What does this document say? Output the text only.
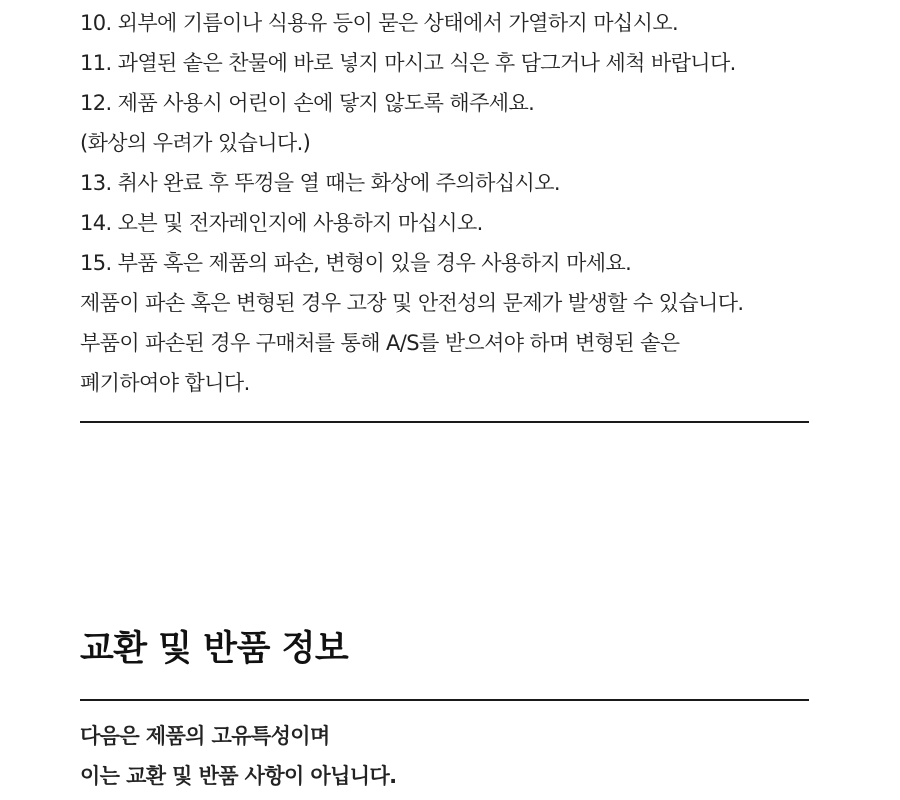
10. 외부에 기름이나 식용유 등이 묻은 상태에서 가열하지 마십시오.
11. 과열된 솥은 찬물에 바로 넣지 마시고 식은 후 담그거나 세척 바랍니다.
12. 제품 사용시 어린이 손에 닿지 않도록 해주세요.
(화상의 우려가 있습니다.)
13. 취사 완료 후 뚜껑을 열 때는 화상에 주의하십시오.
14. 오븐 및 전자레인지에 사용하지 마십시오.
15. 부품 혹은 제품의 파손, 변형이 있을 경우 사용하지 마세요.
제품이 파손 혹은 변형된 경우 고장 및 안전성의 문제가 발생할 수 있습니다.
부품이 파손된 경우 구매처를 통해 A/S를 받으셔야 하며 변형된 솥은
폐기하여야 합니다.
교환 및 반품 정보
다음은 제품의 고유특성이며
이는 교환 및 반품 사항이 아닙니다.
